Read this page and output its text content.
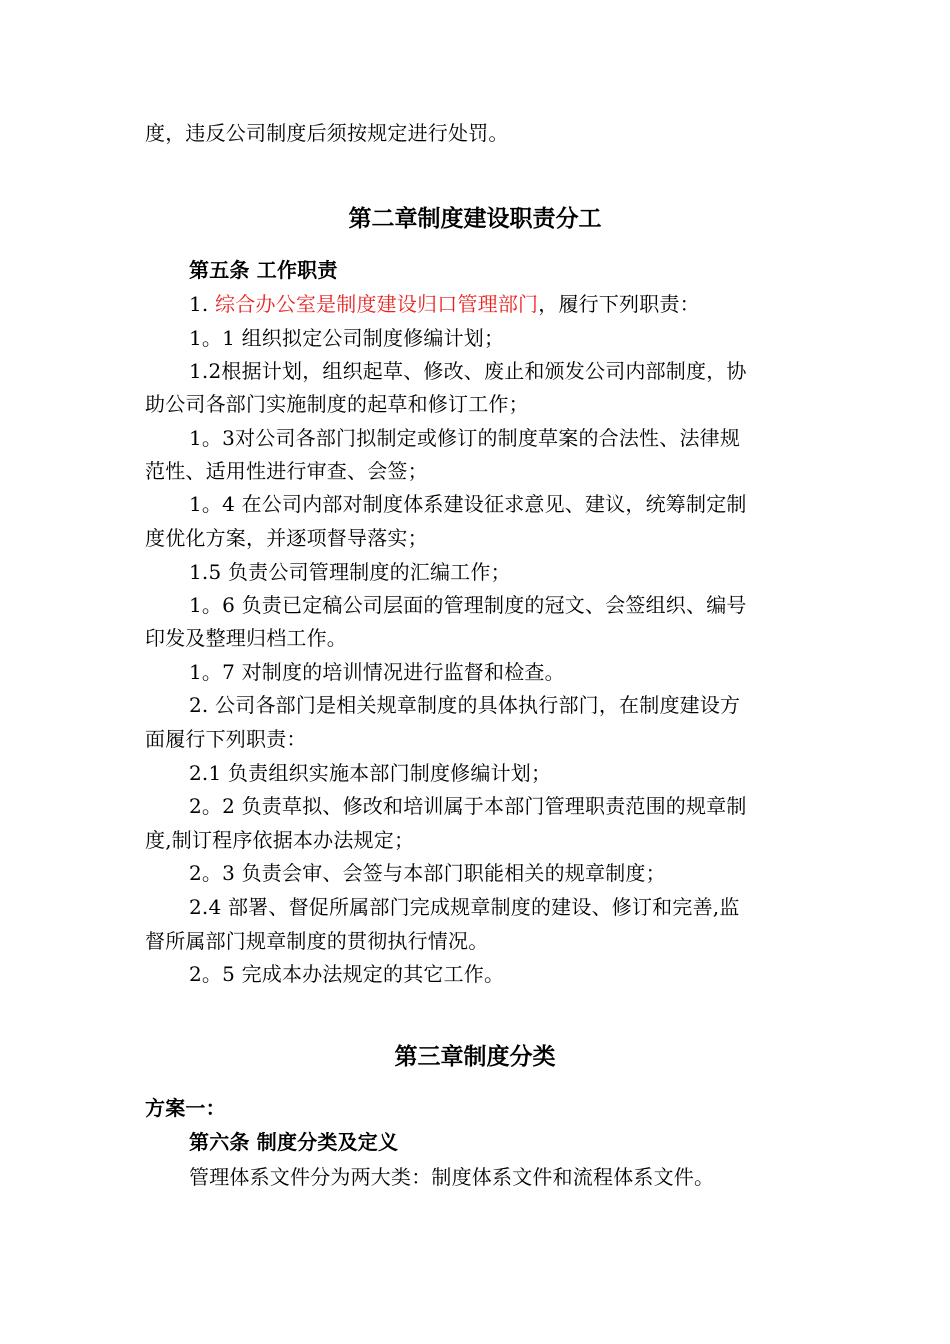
度，违反公司制度后须按规定进行处罚。
第二章制度建设职责分工
第五条 工作职责
1. 综合办公室是制度建设归口管理部门，履行下列职责：
1。1 组织拟定公司制度修编计划；
1.2根据计划，组织起草、修改、废止和颁发公司内部制度，协
助公司各部门实施制度的起草和修订工作；
1。3对公司各部门拟制定或修订的制度草案的合法性、法律规
范性、适用性进行审查、会签；
1。4 在公司内部对制度体系建设征求意见、建议，统筹制定制
度优化方案，并逐项督导落实；
1.5 负责公司管理制度的汇编工作；
1。6 负责已定稿公司层面的管理制度的冠文、会签组织、编号
印发及整理归档工作。
1。7 对制度的培训情况进行监督和检查。
2. 公司各部门是相关规章制度的具体执行部门，在制度建设方
面履行下列职责：
2.1 负责组织实施本部门制度修编计划；
2。2 负责草拟、修改和培训属于本部门管理职责范围的规章制
度,制订程序依据本办法规定；
2。3 负责会审、会签与本部门职能相关的规章制度；
2.4 部署、督促所属部门完成规章制度的建设、修订和完善,监
督所属部门规章制度的贯彻执行情况。
2。5 完成本办法规定的其它工作。
第三章制度分类
方案一：
第六条 制度分类及定义
管理体系文件分为两大类：制度体系文件和流程体系文件。
